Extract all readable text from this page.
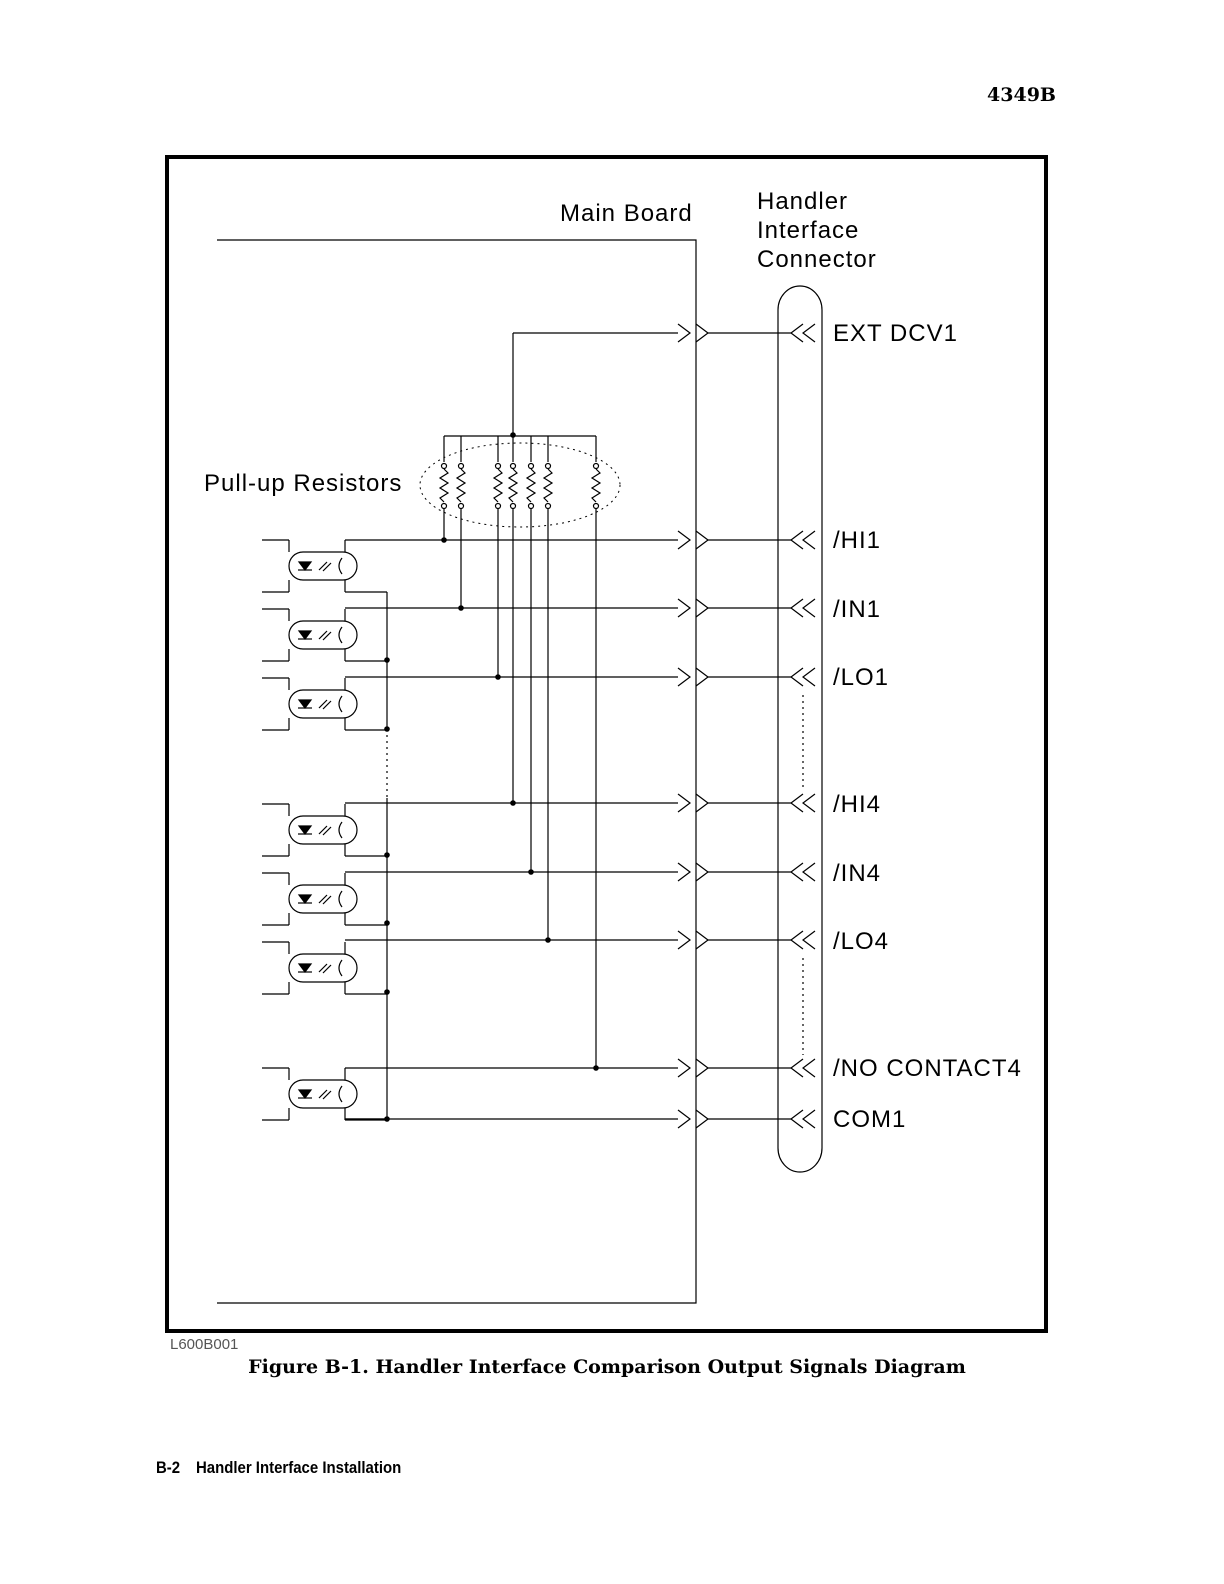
4349B
Main Board	Handler
Interface
Connector
Pull-up Resistors
EXT DCV1
/HI1
/IN1
/LO1
/HI4
/IN4
/LO4
/NO CONTACT4
COM1
L600B001
Figure B-1. Handler Interface Comparison Output Signals Diagram
B-2 Handler Interface Installation
